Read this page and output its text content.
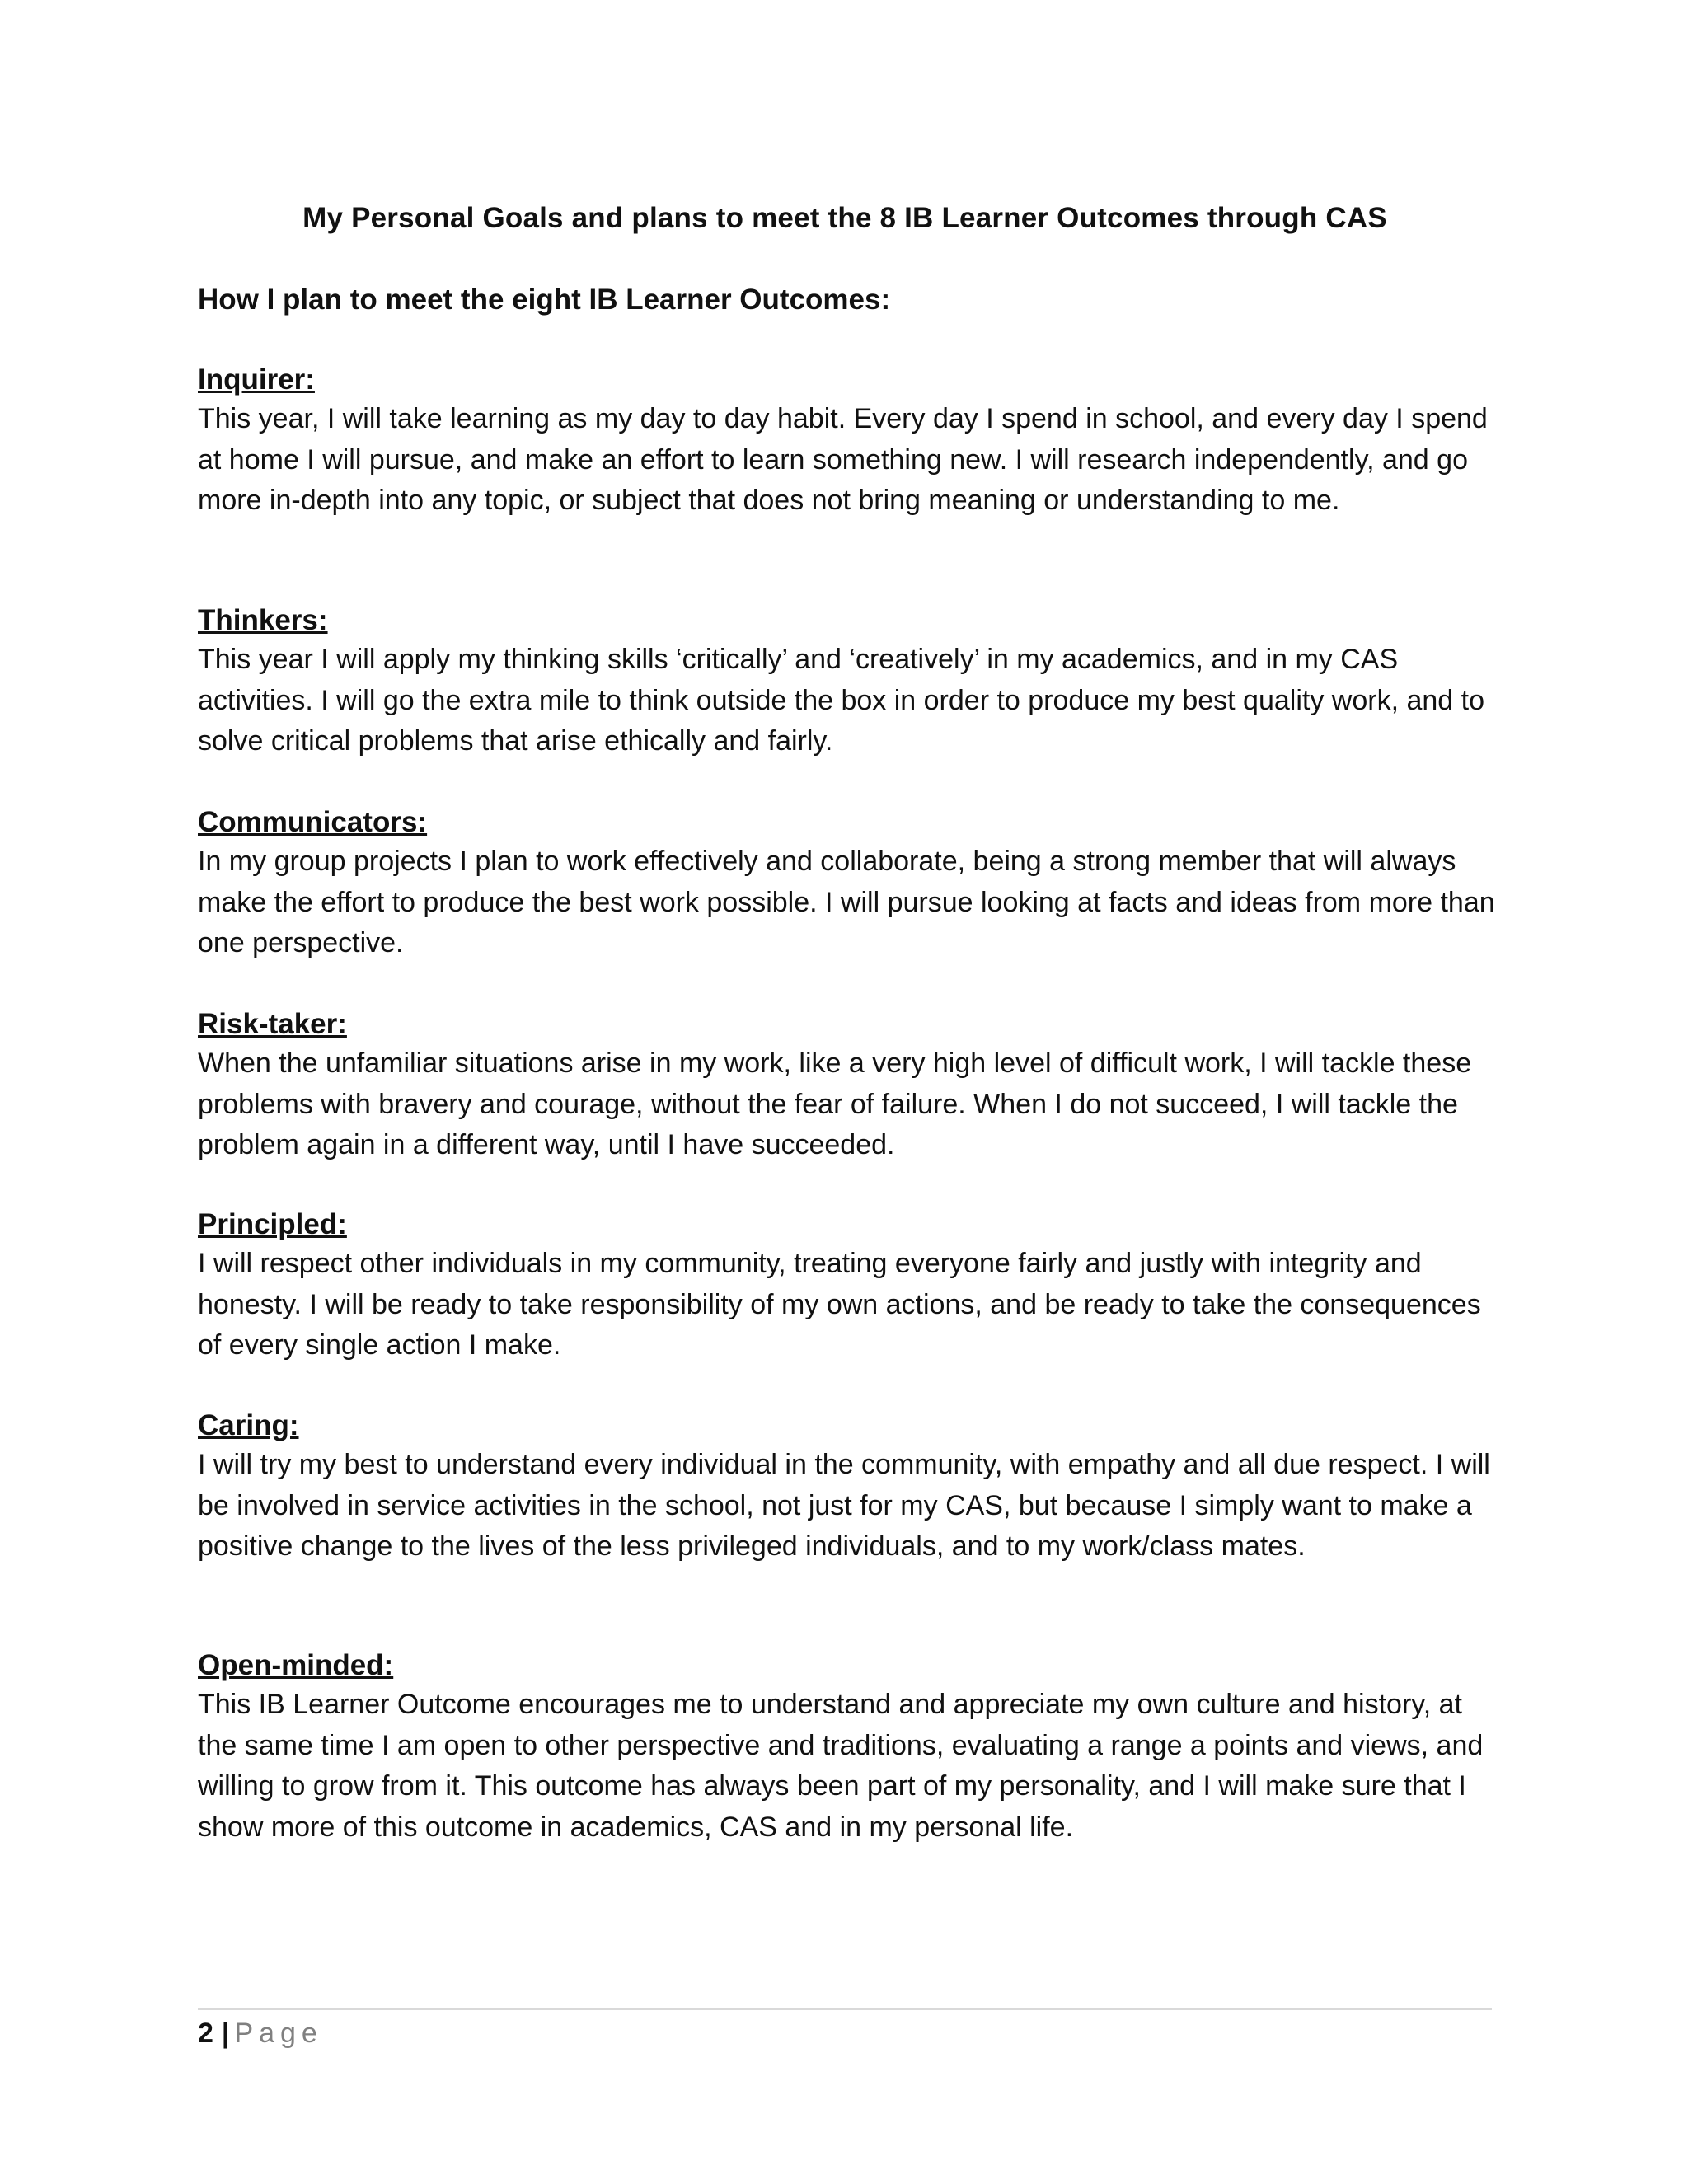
My Personal Goals and plans to meet the 8 IB Learner Outcomes through CAS
How I plan to meet the eight IB Learner Outcomes:

Inquirer:

This year, I will take learning as my day to day habit. Every day I spend in school, and every day I spend at home I will pursue, and make an effort to learn something new. I will research independently, and go more in-depth into any topic, or subject that does not bring meaning or understanding to me.

Thinkers:

This year I will apply my thinking skills ‘critically’ and ‘creatively’ in my academics, and in my CAS activities. I will go the extra mile to think outside the box in order to produce my best quality work, and to solve critical problems that arise ethically and fairly.

Communicators:

In my group projects I plan to work effectively and collaborate, being a strong member that will always make the effort to produce the best work possible. I will pursue looking at facts and ideas from more than one perspective.

Risk-taker:

When the unfamiliar situations arise in my work, like a very high level of difficult work, I will tackle these problems with bravery and courage, without the fear of failure. When I do not succeed, I will tackle the problem again in a different way, until I have succeeded.

Principled:

I will respect other individuals in my community, treating everyone fairly and justly with integrity and honesty. I will be ready to take responsibility of my own actions, and be ready to take the consequences of every single action I make.

Caring:

I will try my best to understand every individual in the community, with empathy and all due respect. I will be involved in service activities in the school, not just for my CAS, but because I simply want to make a positive change to the lives of the less privileged individuals, and to my work/class mates.

Open-minded:

This IB Learner Outcome encourages me to understand and appreciate my own culture and history, at the same time I am open to other perspective and traditions, evaluating a range a points and views, and willing to grow from it. This outcome has always been part of my personality, and I will make sure that I show more of this outcome in academics, CAS and in my personal life.

2 | Page
